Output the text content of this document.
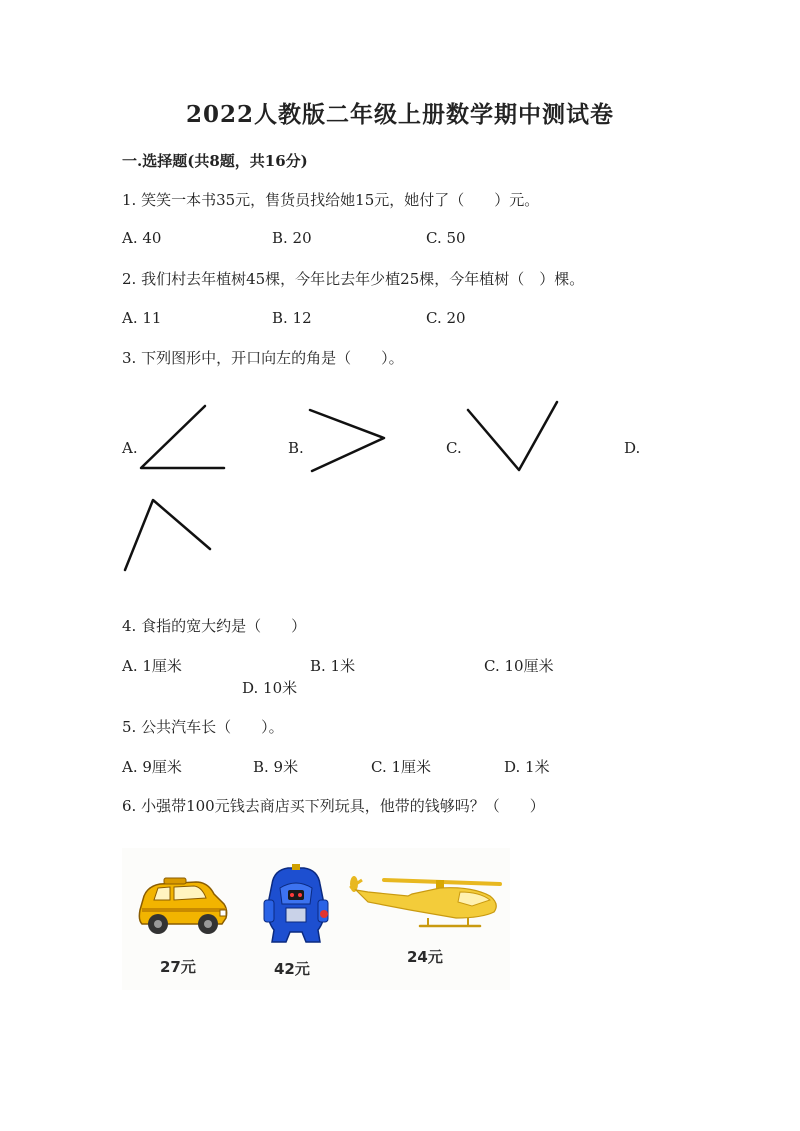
2022人教版二年级上册数学期中测试卷
一.选择题(共8题，共16分)
1. 笑笑一本书35元，售货员找给她15元，她付了（　　）元。
A. 40	B. 20	C. 50
2. 我们村去年植树45棵，今年比去年少植25棵，今年植树（　）棵。
A. 11	B. 12	C. 20
3. 下列图形中，开口向左的角是（　　）。
A.	B.	C.	D.
4. 食指的宽大约是（　　）
A. 1厘米	B. 1米	C. 10厘米
D. 10米
5. 公共汽车长（　　）。
A. 9厘米	B. 9米	C. 1厘米	D. 1米
6. 小强带100元钱去商店买下列玩具，他带的钱够吗？（　　）
27元	42元
24元
